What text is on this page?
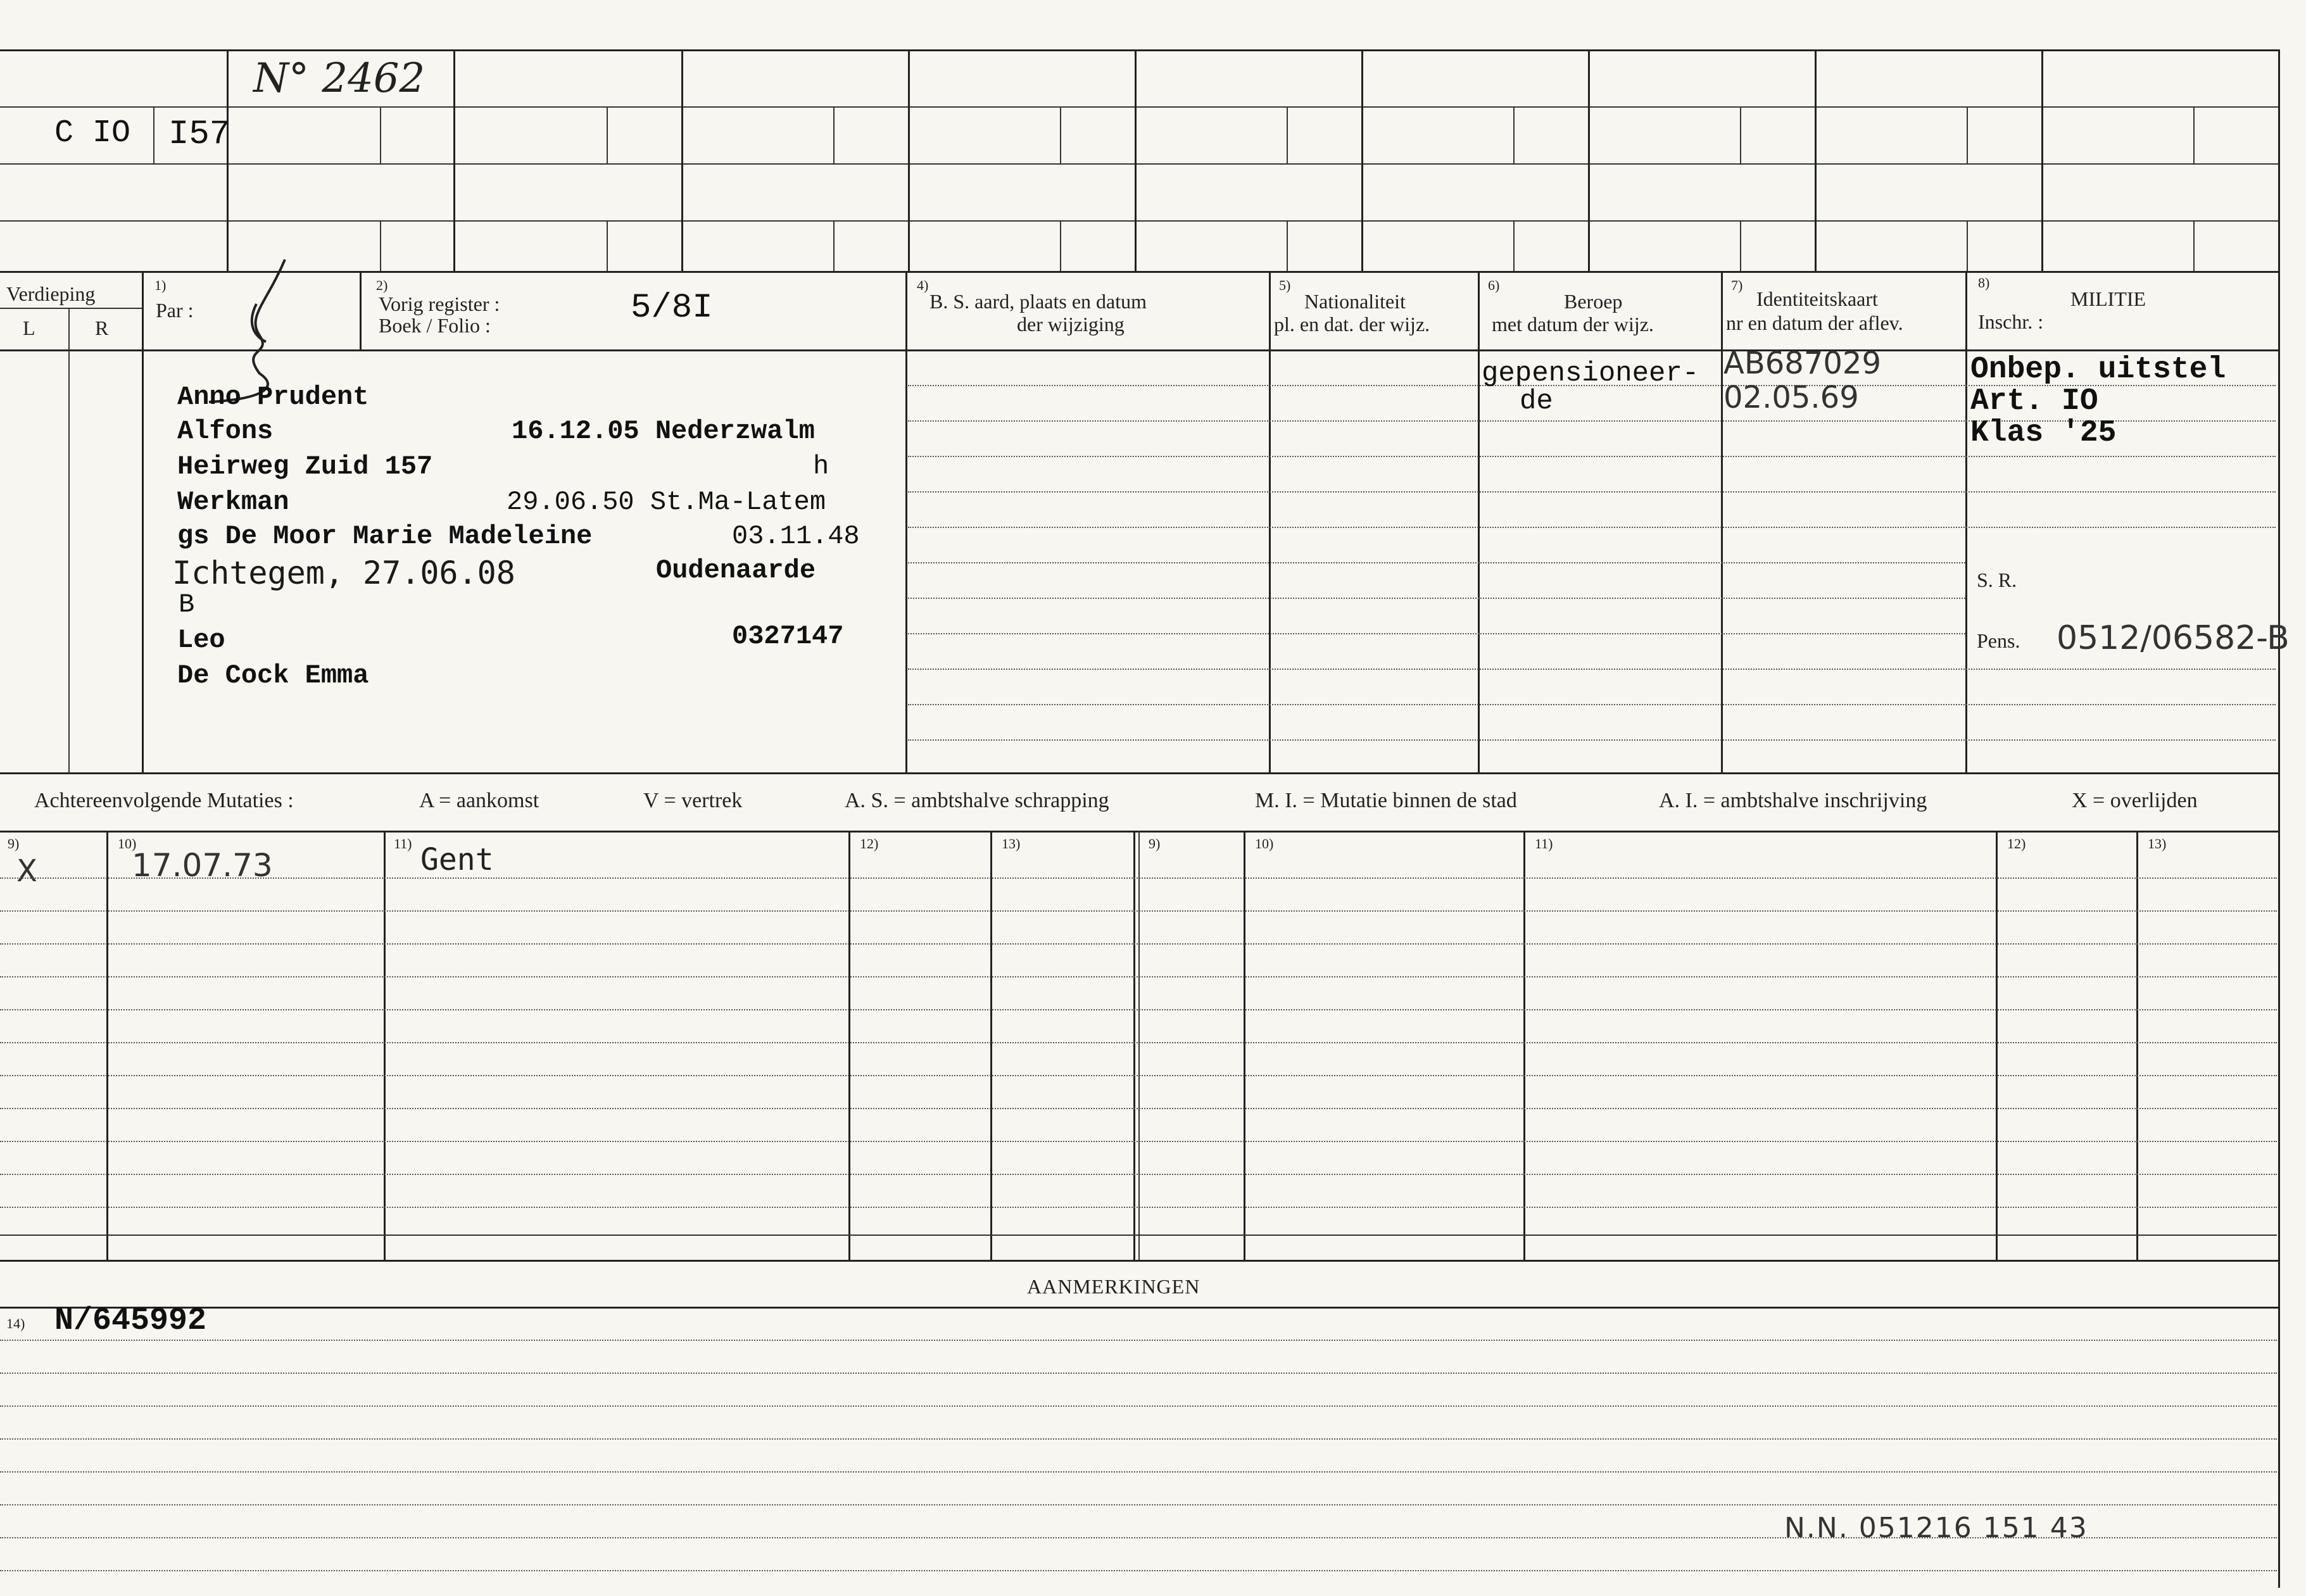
N° 2462
C IO I57
Verdieping
L	R
1)
Par :
2)
Vorig register :
Boek / Folio :	5/8I
4)
B. S. aard, plaats en datum
der wijziging
5)
Nationaliteit
pl. en dat. der wijz.
6)
Beroep
met datum der wijz.
7)
Identiteitskaart
nr en datum der aflev.
8)
MILITIE
Inschr. :
Anno Prudent
Alfons	16.12.05 Nederzwalm
Heirweg Zuid 157	h
Werkman	29.06.50 St.Ma-Latem
gs De Moor Marie Madeleine	03.11.48
Ichtegem, 27.06.08	Oudenaarde
B
Leo	0327147
De Cock Emma
gepensioneer-
de
AB687029
02.05.69
Onbep. uitstel
Art. IO
Klas '25
S. R.
Pens. 0512/06582-B
Achtereenvolgende Mutaties :	A = aankomst	V = vertrek	A. S. = ambtshalve schrapping	M. I. = Mutatie binnen de stad	A. I. = ambtshalve inschrijving	X = overlijden
9)	10)	11)	12)	13)	9)	10)	11)	12)	13)
X	17.07.73	Gent
AANMERKINGEN
14) N/645992
N.N. 051216 151 43
